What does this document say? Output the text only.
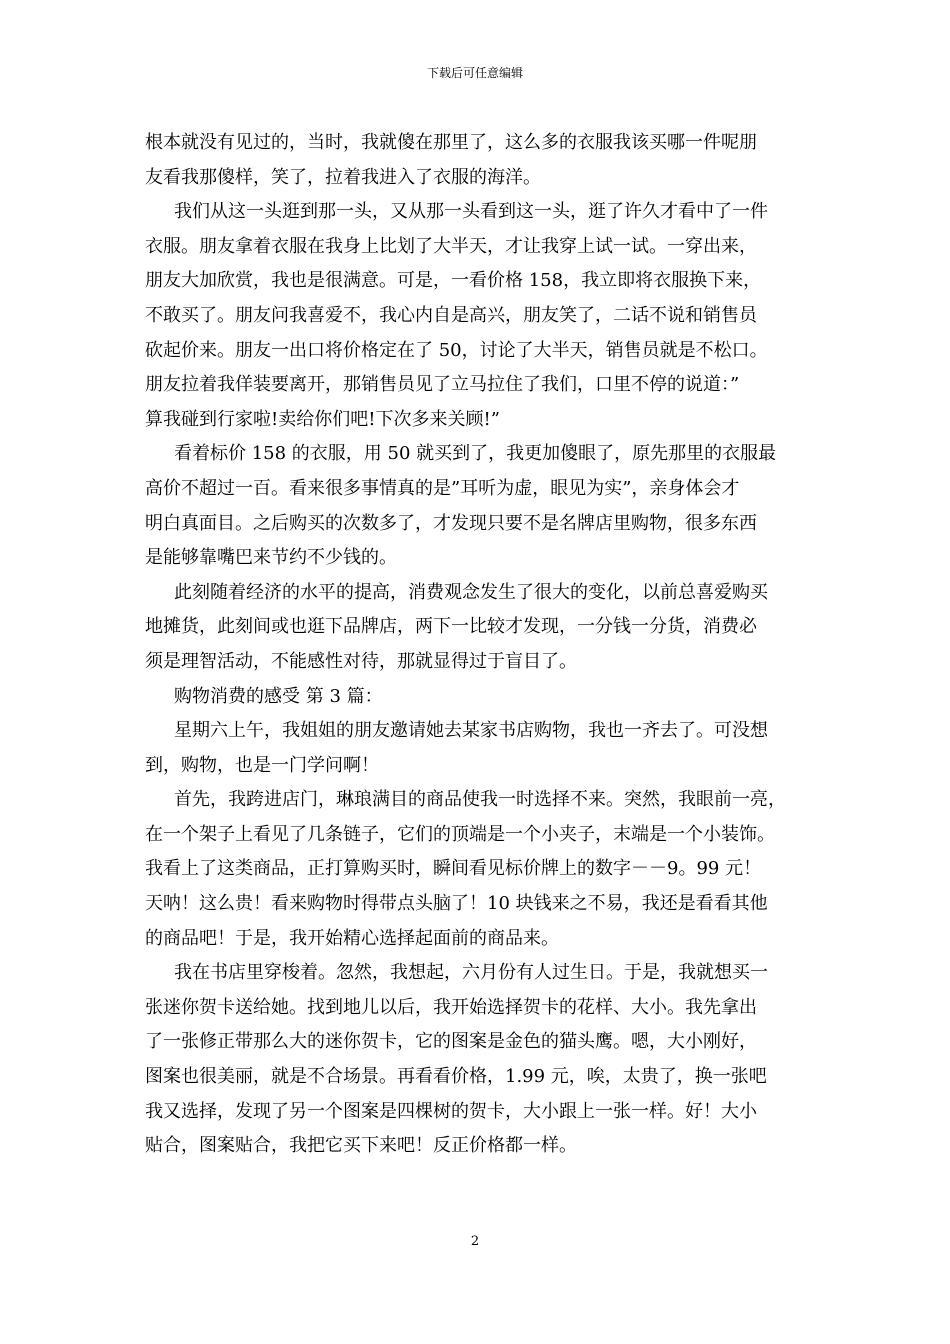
下载后可任意编辑
根本就没有见过的，当时，我就傻在那里了，这么多的衣服我该买哪一件呢朋
友看我那傻样，笑了，拉着我进入了衣服的海洋。
我们从这一头逛到那一头，又从那一头看到这一头，逛了许久才看中了一件
衣服。朋友拿着衣服在我身上比划了大半天，才让我穿上试一试。一穿出来，
朋友大加欣赏，我也是很满意。可是，一看价格 158，我立即将衣服换下来，
不敢买了。朋友问我喜爱不，我心内自是高兴，朋友笑了，二话不说和销售员
砍起价来。朋友一出口将价格定在了 50，讨论了大半天，销售员就是不松口。
朋友拉着我佯装要离开，那销售员见了立马拉住了我们，口里不停的说道：”
算我碰到行家啦!卖给你们吧!下次多来关顾!”
看着标价 158 的衣服，用 50 就买到了，我更加傻眼了，原先那里的衣服最
高价不超过一百。看来很多事情真的是”耳听为虚，眼见为实”，亲身体会才
明白真面目。之后购买的次数多了，才发现只要不是名牌店里购物，很多东西
是能够靠嘴巴来节约不少钱的。
此刻随着经济的水平的提高，消费观念发生了很大的变化，以前总喜爱购买
地摊货，此刻间或也逛下品牌店，两下一比较才发现，一分钱一分货，消费必
须是理智活动，不能感性对待，那就显得过于盲目了。
购物消费的感受 第 3 篇：
星期六上午，我姐姐的朋友邀请她去某家书店购物，我也一齐去了。可没想
到，购物，也是一门学问啊！
首先，我跨进店门，琳琅满目的商品使我一时选择不来。突然，我眼前一亮，
在一个架子上看见了几条链子，它们的顶端是一个小夹子，末端是一个小装饰。
我看上了这类商品，正打算购买时，瞬间看见标价牌上的数字－－9。99 元！
天呐！这么贵！看来购物时得带点头脑了！10 块钱来之不易，我还是看看其他
的商品吧！于是，我开始精心选择起面前的商品来。
我在书店里穿梭着。忽然，我想起，六月份有人过生日。于是，我就想买一
张迷你贺卡送给她。找到地儿以后，我开始选择贺卡的花样、大小。我先拿出
了一张修正带那么大的迷你贺卡，它的图案是金色的猫头鹰。嗯，大小刚好，
图案也很美丽，就是不合场景。再看看价格，1.99 元，唉，太贵了，换一张吧
我又选择，发现了另一个图案是四棵树的贺卡，大小跟上一张一样。好！大小
贴合，图案贴合，我把它买下来吧！反正价格都一样。
2
